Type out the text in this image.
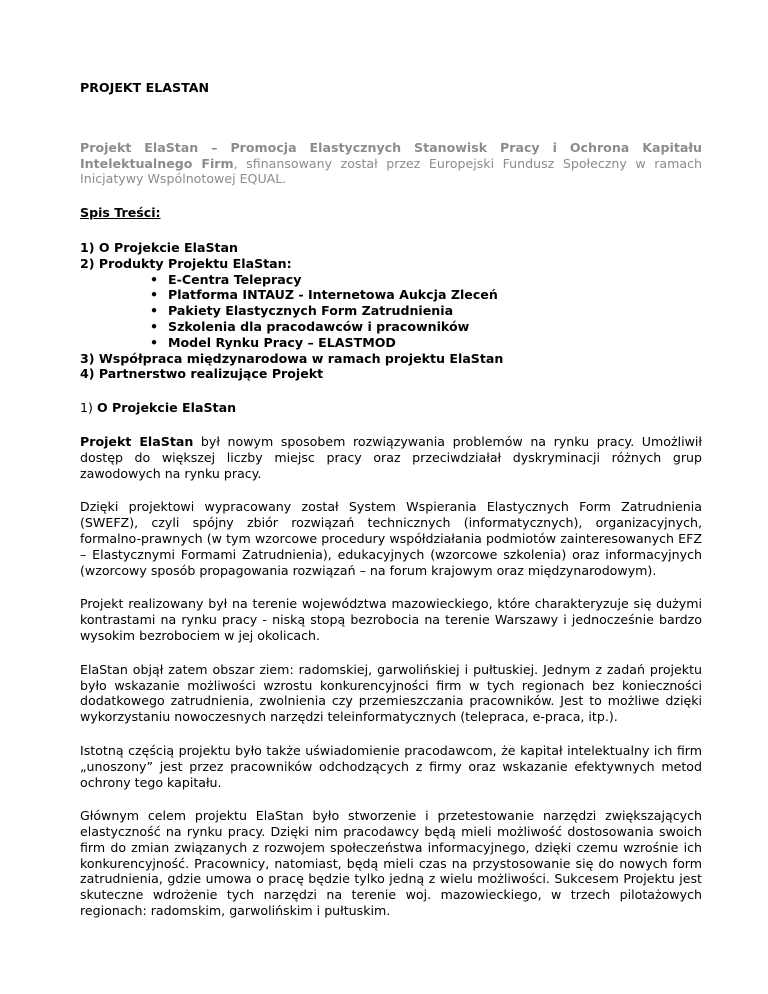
PROJEKT ELASTAN
Projekt ElaStan – Promocja Elastycznych Stanowisk Pracy i Ochrona Kapitału Intelektualnego Firm, sfinansowany został przez Europejski Fundusz Społeczny w ramach Inicjatywy Wspólnotowej EQUAL.
Spis Treści:
1) O Projekcie ElaStan
2) Produkty Projektu ElaStan:
• E-Centra Telepracy
• Platforma INTAUZ - Internetowa Aukcja Zleceń
• Pakiety Elastycznych Form Zatrudnienia
• Szkolenia dla pracodawców i pracowników
• Model Rynku Pracy – ELASTMOD
3) Współpraca międzynarodowa w ramach projektu ElaStan
4) Partnerstwo realizujące Projekt
1) O Projekcie ElaStan

Projekt ElaStan był nowym sposobem rozwiązywania problemów na rynku pracy. Umożliwił dostęp do większej liczby miejsc pracy oraz przeciwdziałał dyskryminacji różnych grup zawodowych na rynku pracy.

Dzięki projektowi wypracowany został System Wspierania Elastycznych Form Zatrudnienia (SWEFZ), czyli spójny zbiór rozwiązań technicznych (informatycznych), organizacyjnych, formalno-prawnych (w tym wzorcowe procedury współdziałania podmiotów zainteresowanych EFZ – Elastycznymi Formami Zatrudnienia), edukacyjnych (wzorcowe szkolenia) oraz informacyjnych (wzorcowy sposób propagowania rozwiązań – na forum krajowym oraz międzynarodowym).

Projekt realizowany był na terenie województwa mazowieckiego, które charakteryzuje się dużymi kontrastami na rynku pracy - niską stopą bezrobocia na terenie Warszawy i jednocześnie bardzo wysokim bezrobociem w jej okolicach.

ElaStan objął zatem obszar ziem: radomskiej, garwolińskiej i pułtuskiej. Jednym z zadań projektu było wskazanie możliwości wzrostu konkurencyjności firm w tych regionach bez konieczności dodatkowego zatrudnienia, zwolnienia czy przemieszczania pracowników. Jest to możliwe dzięki wykorzystaniu nowoczesnych narzędzi teleinformatycznych (telepraca, e-praca, itp.).

Istotną częścią projektu było także uświadomienie pracodawcom, że kapitał intelektualny ich firm „unoszony” jest przez pracowników odchodzących z firmy oraz wskazanie efektywnych metod ochrony tego kapitału.

Głównym celem projektu ElaStan było stworzenie i przetestowanie narzędzi zwiększających elastyczność na rynku pracy. Dzięki nim pracodawcy będą mieli możliwość dostosowania swoich firm do zmian związanych z rozwojem społeczeństwa informacyjnego, dzięki czemu wzrośnie ich konkurencyjność. Pracownicy, natomiast, będą mieli czas na przystosowanie się do nowych form zatrudnienia, gdzie umowa o pracę będzie tylko jedną z wielu możliwości. Sukcesem Projektu jest skuteczne wdrożenie tych narzędzi na terenie woj. mazowieckiego, w trzech pilotażowych regionach: radomskim, garwolińskim i pułtuskim.
